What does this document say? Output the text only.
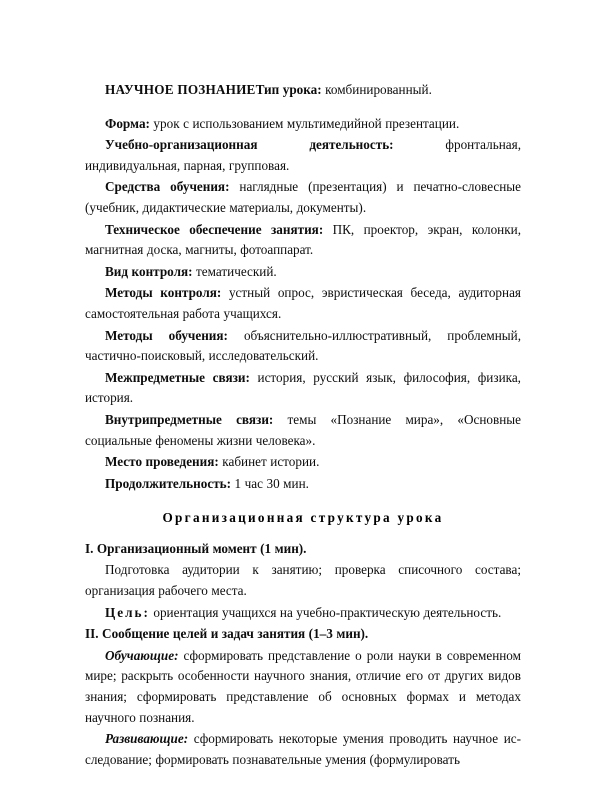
НАУЧНОЕ ПОЗНАНИЕТип урока: комбинированный.

Форма: урок с использованием мультимедийной презентации.

Учебно-организационная деятельность: фронтальная, индивидуальная, парная, групповая.

Средства обучения: наглядные (презентация) и печатно-словесные (учебник, дидактические материалы, документы).

Техническое обеспечение занятия: ПК, проектор, экран, колонки, магнитная доска, магниты, фотоаппарат.

Вид контроля: тематический.

Методы контроля: устный опрос, эвристическая беседа, аудиторная самостоятельная работа учащихся.

Методы обучения: объяснительно-иллюстративный, проблемный, частично-поисковый, исследовательский.

Межпредметные связи: история, русский язык, философия, физика, история.

Внутрипредметные связи: темы «Познание мира», «Основные социальные феномены жизни человека».

Место проведения: кабинет истории.

Продолжительность: 1 час 30 мин.

Организационная структура урока

I. Организационный момент (1 мин).

Подготовка аудитории к занятию; проверка списочного состава; организация рабочего места.

Цель: ориентация учащихся на учебно-практическую деятельность.

II. Сообщение целей и задач занятия (1–3 мин).

Обучающие: сформировать представление о роли науки в современном мире; раскрыть особенности научного знания, отличие его от других видов знания; сформировать представление об основных формах и методах научного познания.

Развивающие: сформировать некоторые умения проводить научное ис-следование; формировать познавательные умения (формулировать
